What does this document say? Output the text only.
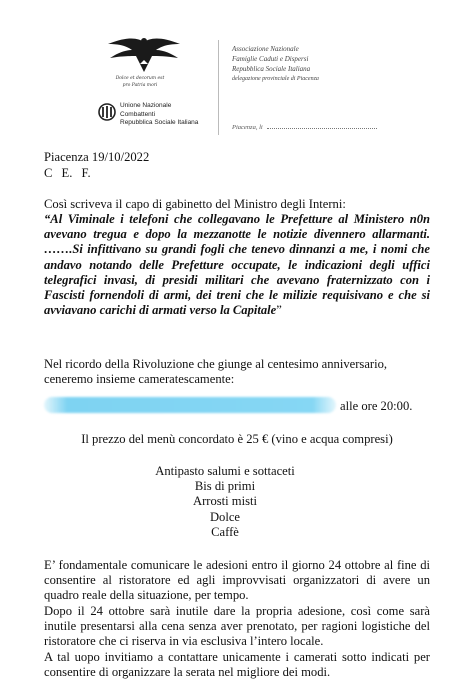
Dolce et decorum est
pro Patria mori
Unione Nazionale
Combattenti
Repubblica Sociale Italiana
Associazione Nazionale
Famiglie Caduti e Dispersi
Repubblica Sociale Italiana
delegazione provinciale di Piacenza
Piacenza, li
Piacenza 19/10/2022
C E. F.
Così scriveva il capo di gabinetto del Ministro degli Interni:
“Al Viminale i telefoni che collegavano le Prefetture al Ministero n0n avevano tregua e dopo la mezzanotte le notizie divennero allarmanti. …….Si infittivano su grandi fogli che tenevo dinnanzi a me, i nomi che andavo notando delle Prefetture occupate, le indicazioni degli uffici telegrafici invasi, di presidi militari che avevano fraternizzato con i Fascisti fornendoli di armi, dei treni che le milizie requisivano e che si avviavano carichi di armati verso la Capitale”
Nel ricordo della Rivoluzione che giunge al centesimo anniversario,
ceneremo insieme cameratescamente:
alle ore 20:00.
Il prezzo del menù concordato è 25 € (vino e acqua compresi)
Antipasto salumi e sottaceti
Bis di primi
Arrosti misti
Dolce
Caffè
E’ fondamentale comunicare le adesioni entro il giorno 24 ottobre al fine di consentire al ristoratore ed agli improvvisati organizzatori di avere un quadro reale della situazione, per tempo.
Dopo il 24 ottobre sarà inutile dare la propria adesione, così come sarà inutile presentarsi alla cena senza aver prenotato, per ragioni logistiche del ristoratore che ci riserva in via esclusiva l’intero locale.
A tal uopo invitiamo a contattare unicamente i camerati sotto indicati per consentire di organizzare la serata nel migliore dei modi.
